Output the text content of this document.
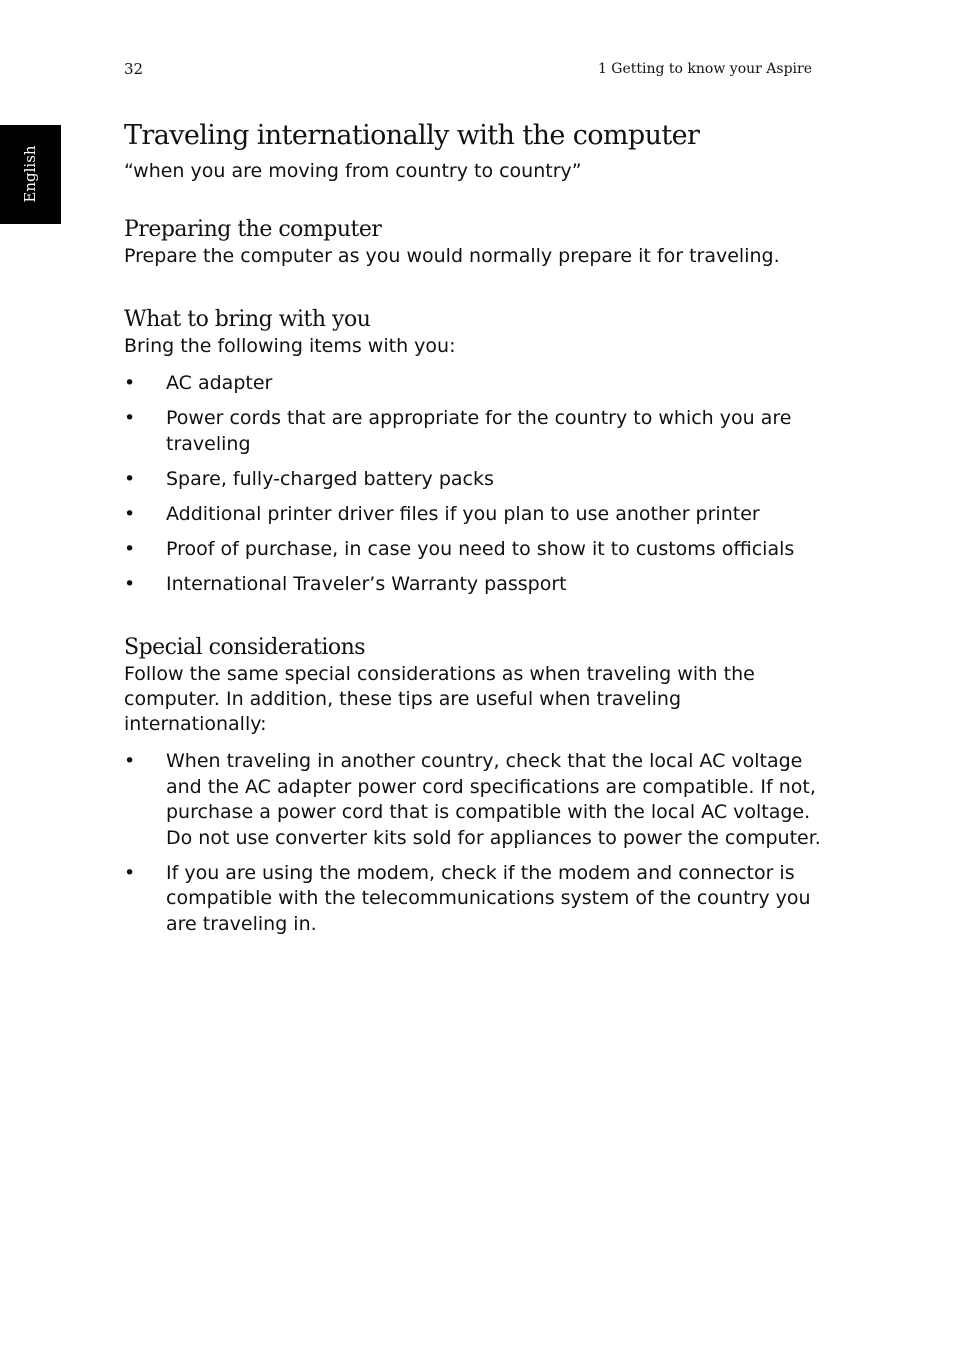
32	1 Getting to know your Aspire
English
Traveling internationally with the computer

“when you are moving from country to country”

Preparing the computer

Prepare the computer as you would normally prepare it for traveling.

What to bring with you

Bring the following items with you:

• AC adapter
• Power cords that are appropriate for the country to which you are traveling
• Spare, fully-charged battery packs
• Additional printer driver files if you plan to use another printer
• Proof of purchase, in case you need to show it to customs officials
• International Traveler’s Warranty passport
Special considerations

Follow the same special considerations as when traveling with the computer. In addition, these tips are useful when traveling internationally:

• When traveling in another country, check that the local AC voltage and the AC adapter power cord specifications are compatible. If not, purchase a power cord that is compatible with the local AC voltage. Do not use converter kits sold for appliances to power the computer.
• If you are using the modem, check if the modem and connector is compatible with the telecommunications system of the country you are traveling in.
